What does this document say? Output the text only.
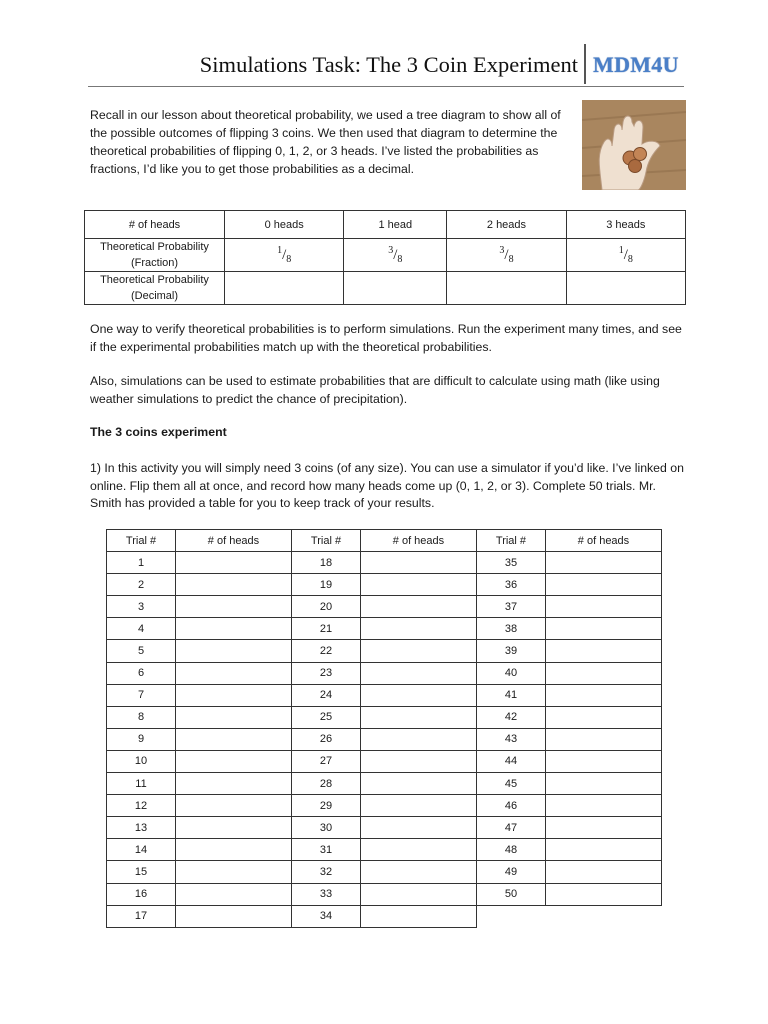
Simulations Task: The 3 Coin Experiment MDM4U
Recall in our lesson about theoretical probability, we used a tree diagram to show all of the possible outcomes of flipping 3 coins. We then used that diagram to determine the theoretical probabilities of flipping 0, 1, 2, or 3 heads. I’ve listed the probabilities as fractions, I’d like you to get those probabilities as a decimal.
# of heads	0 heads	1 head	2 heads	3 heads

Theoretical Probability
(Fraction)	$^1/_8$	$^3/_8$	$^3/_8$	$^1/_8$

Theoretical Probability
(Decimal)				

One way to verify theoretical probabilities is to perform simulations. Run the experiment many times, and see if the experimental probabilities match up with the theoretical probabilities.
Also, simulations can be used to estimate probabilities that are difficult to calculate using math (like using weather simulations to predict the chance of precipitation).
The 3 coins experiment
1) In this activity you will simply need 3 coins (of any size). You can use a simulator if you’d like. I’ve linked on online. Flip them all at once, and record how many heads come up (0, 1, 2, or 3). Complete 50 trials. Mr. Smith has provided a table for you to keep track of your results.
Trial #	# of heads	Trial #	# of heads	Trial #	# of heads
1		18		35	
2		19		36	
3		20		37	
4		21		38	
5		22		39	
6		23		40	
7		24		41	
8		25		42	
9		26		43	
10		27		44	
11		28		45	
12		29		46	
13		30		47	
14		31		48	
15		32		49	
16		33		50	
17		34			
